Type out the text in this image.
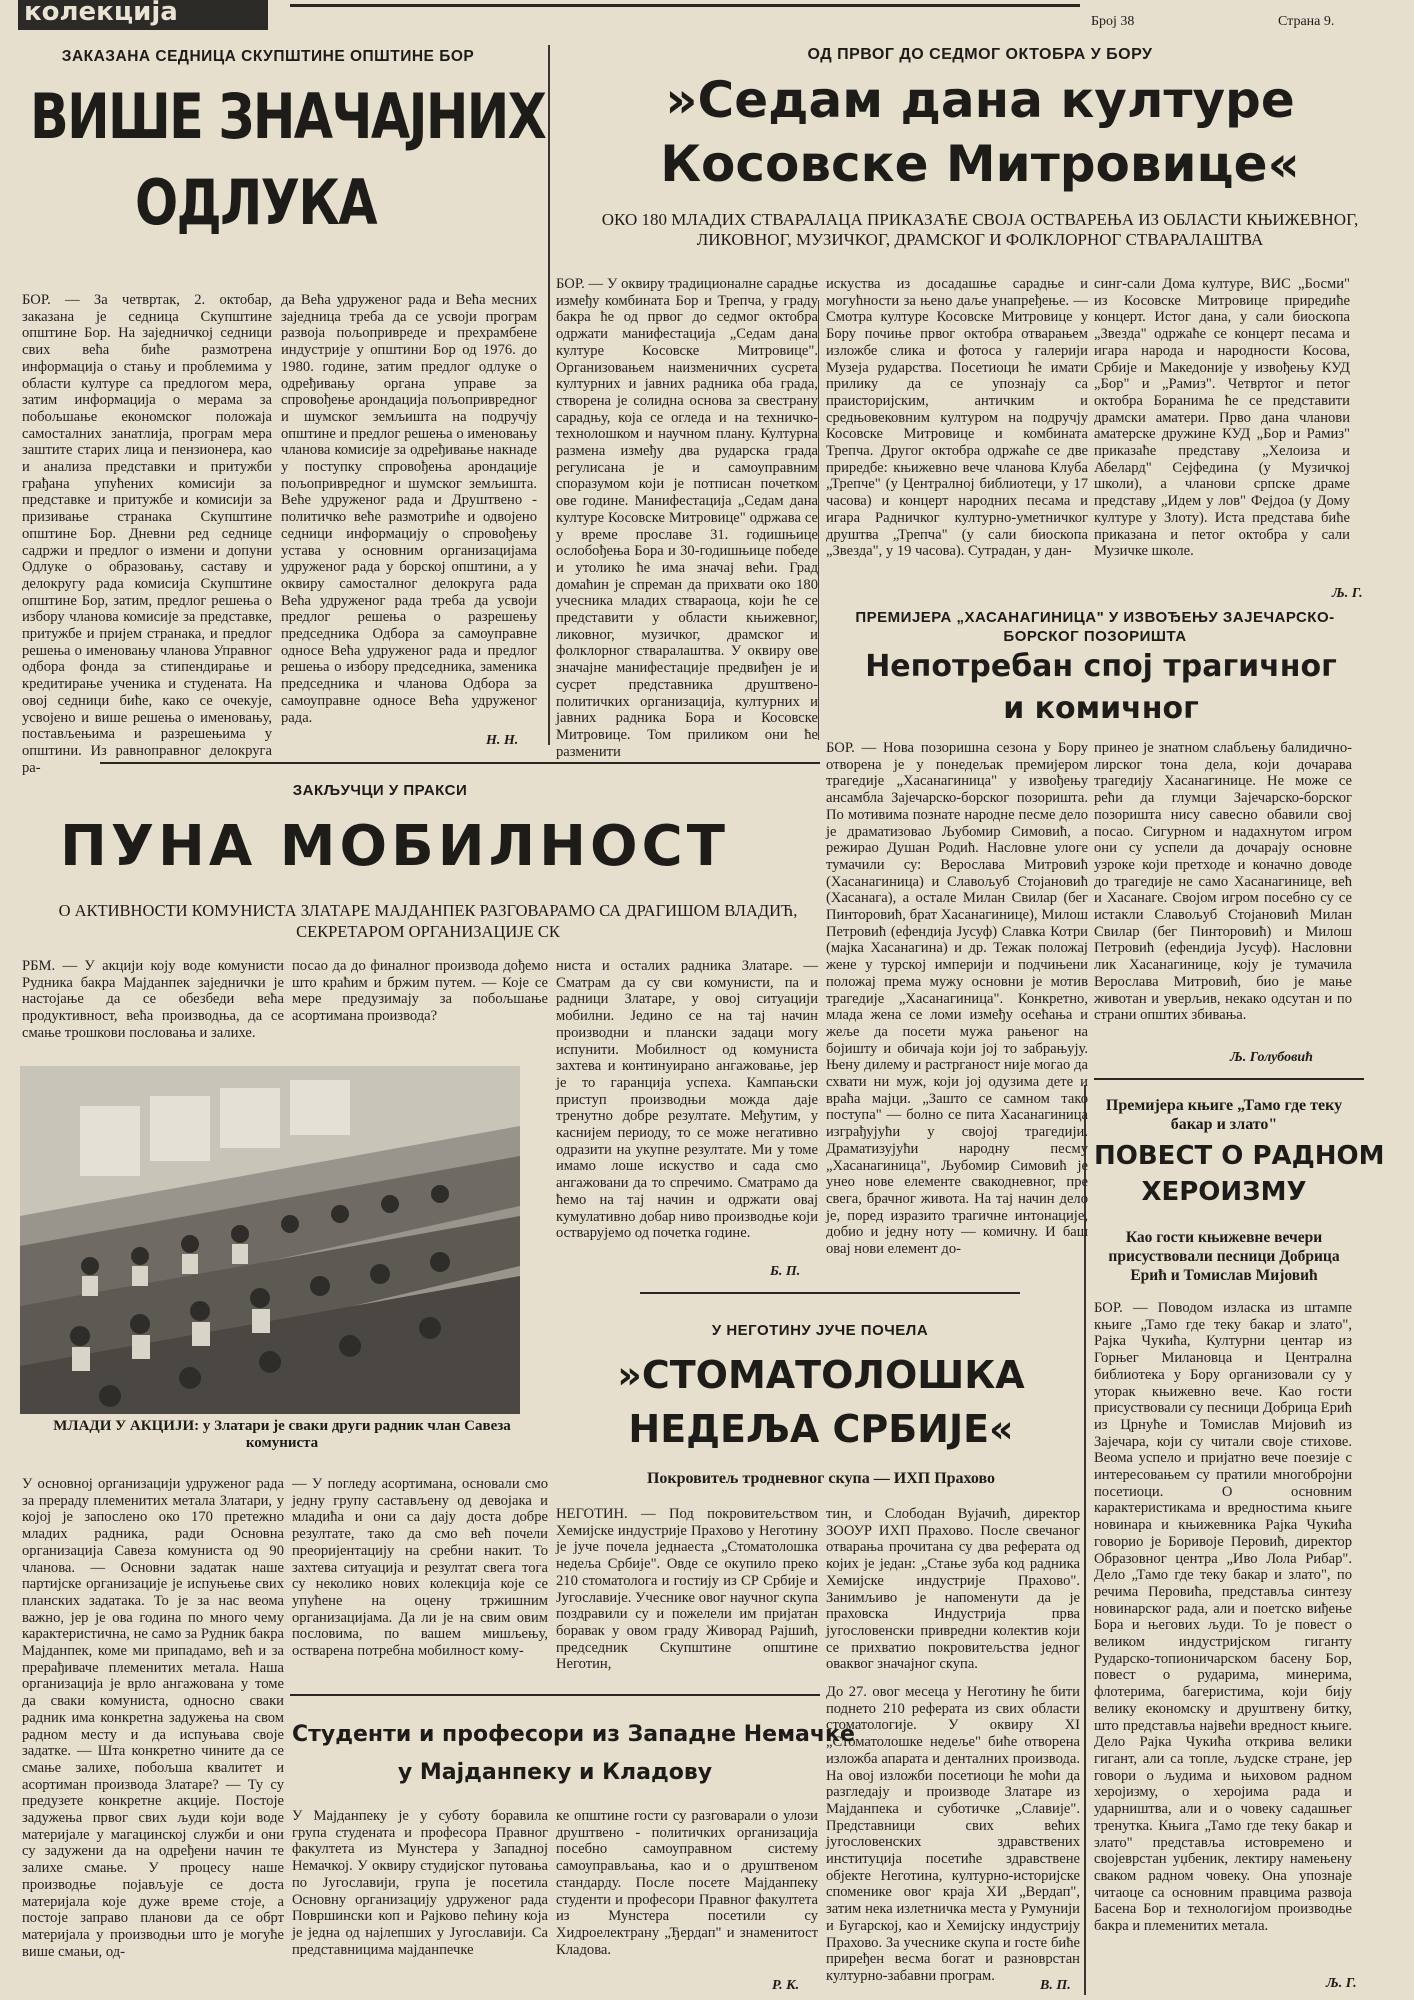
колекција	Број 38	Страна 9.
ЗАКАЗАНА СЕДНИЦА СКУПШТИНЕ ОПШТИНЕ БОР
ВИШЕ ЗНАЧАЈНИХ
ОДЛУКА
БОР. — За четвртак, 2. октобар, заказана је седница Скупштине општине Бор. На заједничкој седници свих већа биће размотрена информација о стању и проблемима у области културе са предлогом мера, затим информација о мерама за побољшање економског положаја самосталних занатлија, програм мера заштите старих лица и пензионера, као и анализа представки и притужби грађана упућених комисији за представке и притужбе и комисији за призивање странака Скупштине општине Бор. Дневни ред седнице садржи и предлог о измени и допуни Одлуке о образовању, саставу и делокругу рада комисија Скупштине општине Бор, затим, предлог решења о избору чланова комисије за представке, притужбе и пријем странака, и предлог решења о именовању чланова Управног одбора фонда за стипендирање и кредитирање ученика и студената. На овој седници биће, како се очекује, усвојено и више решења о именовању, постављењима и разрешењима у општини. Из равноправног делокруга ра-
да Већа удруженог рада и Већа месних заједница треба да се усвоји програм развоја пољопривреде и прехрамбене индустрије у општини Бор од 1976. до 1980. године, затим предлог одлуке о одређивању органа управе за спровођење арондација пољопривредног и шумског земљишта на подручју општине и предлог решења о именовању чланова комисије за одређивање накнаде у поступку спровођења арондације пољопривредног и шумског земљишта. Веће удруженог рада и Друштвено - политичко веће размотриће и одвојено седници информацију о спровођењу устава у основним организацијама удруженог рада у борској општини, а у оквиру самосталног делокруга рада Већа удруженог рада треба да усвоји предлог решења о разрешењу председника Одбора за самоуправне односе Већа удруженог рада и предлог решења о избору председника, заменика председника и чланова Одбора за самоуправне односе Већа удруженог рада.
Н. Н.
ОД ПРВОГ ДО СЕДМОГ ОКТОБРА У БОРУ
»Седам дана културе
Косовске Митровице«
ОКО 180 МЛАДИХ СТВАРАЛАЦА ПРИКАЗАЋЕ СВОЈА ОСТВАРЕЊА ИЗ ОБЛАСТИ КЊИЖЕВНОГ, ЛИКОВНОГ, МУЗИЧКОГ, ДРАМСКОГ И ФОЛКЛОРНОГ СТВАРАЛАШТВА
БОР. — У оквиру традиционалне сарадње између комбината Бор и Трепча, у граду бакра ће од првог до седмог октобра одржати манифестација „Седам дана културе Косовске Митровице". Организовањем наизменичних сусрета културних и јавних радника оба града, створена је солидна основа за свестрану сарадњу, која се огледа и на техничко-технолошком и научном плану. Културна размена између два рударска града регулисана је и самоуправним споразумом који је потписан почетком ове године. Манифестација „Седам дана културе Косовске Митровице" одржава се у време прославе 31. годишњице ослобођења Бора и 30-годишњице победе и утолико ће има значај већи. Град домаћин је спреман да прихвати око 180 учесника младих ствараоца, који ће се представити у области књижевног, ликовног, музичког, драмског и фолклорног стваралаштва. У оквиру ове значајне манифестације предвиђен је и сусрет представника друштвено-политичких организација, културних и јавних радника Бора и Косовске Митровице. Том приликом они ће разменити
искуства из досадашње сарадње и могућности за њено даље унапређење. — Смотра културе Косовске Митровице у Бору почиње првог октобра отварањем изложбе слика и фотоса у галерији Музеја рударства. Посетиоци ће имати прилику да се упознају са праисторијским, античким и средњовековним културом на подручју Косовске Митровице и комбината Трепча. Другог октобра одржаће се две приредбе: књижевно вече чланова Клуба „Трепче" (у Централној библиотеци, у 17 часова) и концерт народних песама и игара Радничког културно-уметничког друштва „Трепча" (у сали биоскопа „Звезда", у 19 часова). Сутрадан, у дан-
синг-сали Дома културе, ВИС „Босми" из Косовске Митровице приредиће концерт. Истог дана, у сали биоскопа „Звезда" одржаће се концерт песама и игара народа и народности Косова, Србије и Македоније у извођењу КУД „Бор" и „Рамиз". Четвртог и петог октобра Боранима ће се представити драмски аматери. Прво дана чланови аматерске дружине КУД „Бор и Рамиз" приказаће представу „Хелоиза и Абелард" Сејфедина (у Музичкој школи), а чланови српске драме представу „Идем у лов" Фејдоа (у Дому културе у Злоту). Иста представа биће приказана и петог октобра у сали Музичке школе.
Љ. Г.
ПРЕМИЈЕРА „ХАСАНАГИНИЦА" У ИЗВОЂЕЊУ ЗАЈЕЧАРСКО-БОРСКОГ ПОЗОРИШТА
Непотребан спој трагичног
и комичног
БОР. — Нова позоришна сезона у Бору отворена је у понедељак премијером трагедије „Хасанагиница" у извођењу ансамбла Зајечарско-борског позоришта. По мотивима познате народне песме дело је драматизовао Љубомир Симовић, а режирао Душан Родић. Насловне улоге тумачили су: Верослава Митровић (Хасанагиница) и Славољуб Стојановић (Хасанага), а остале Милан Свилар (бег Пинторовић, брат Хасанагинице), Милош Петровић (ефендија Јусуф) Славка Котри (мајка Хасанагина) и др. Тежак положај жене у турској империји и подчињени положај према мужу основни је мотив трагедије „Хасанагиница". Конкретно, млада жена се ломи између осећања и жеље да посети мужа рањеног на бојишту и обичаја који јој то забрањују. Њену дилему и растрганост није могао да схвати ни муж, који јој одузима дете и враћа мајци. „Зашто се самном тако поступа" — болно се пита Хасанагиница изграђујући у својој трагедији. Драматизујући народну песму „Хасанагиница", Љубомир Симовић је унео нове елементе свакодневног, пре свега, брачног живота. На тај начин дело је, поред изразито трагичне интонације, добио и једну ноту — комичну. И баш овај нови елемент до-
принео је знатном слабљењу балидично-лирског тона дела, који дочарава трагедију Хасанагинице. Не може се рећи да глумци Зајечарско-борског позоришта нису савесно обавили свој посао. Сигурном и надахнутом игром они су успели да дочарају основне узроке који претходе и коначно доводе до трагедије не само Хасанагинице, већ и Хасанаге. Својом игром посебно су се истакли Славољуб Стојановић Милан Свилар (бег Пинторовић) и Милош Петровић (ефендија Јусуф). Насловни лик Хасанагинице, коју је тумачила Верослава Митровић, био је мање животан и уверљив, некако одсутан и по страни општих збивања.
Љ. Голубовић
ЗАКЉУЧЦИ У ПРАКСИ
ПУНА МОБИЛНОСТ
О АКТИВНОСТИ КОМУНИСТА ЗЛАТАРЕ МАЈДАНПЕК РАЗГОВАРАМО СА ДРАГИШОМ ВЛАДИЋ, СЕКРЕТАРОМ ОРГАНИЗАЦИЈЕ СК
РБМ. — У акцији коју воде комунисти Рудника бакра Мајданпек заједнички је настојање да се обезбеди већа продуктивност, већа производња, да се смање трошкови пословања и залихе.
посао да до финалног производа дођемо што краћим и бржим путем. — Које се мере предузимају за побољшање асортимана производа?
ниста и осталих радника Златаре. — Сматрам да су сви комунисти, па и радници Златаре, у овој ситуацији мобилни. Једино се на тај начин производни и плански задаци могу испунити. Мобилност од комуниста захтева и континуирано ангажовање, јер је то гаранција успеха. Кампањски приступ производњи можда даје тренутно добре резултате. Међутим, у каснијем периоду, то се може негативно одразити на укупне резултате. Ми у томе имамо лоше искуство и сада смо ангажовани да то спречимо. Сматрамо да ћемо на тај начин и одржати овај кумулативно добар ниво производње који остварујемо од почетка године.
Б. П.
МЛАДИ У АКЦИЈИ: у Златари је сваки други радник члан Савеза комуниста
У основној организацији удруженог рада за прераду племенитих метала Златари, у којој је запослено око 170 претежно младих радника, ради Основна организација Савеза комуниста од 90 чланова. — Основни задатак наше партијске организације је испуњење свих планских задатака. То је за нас веома важно, јер је ова година по много чему карактеристична, не само за Рудник бакра Мајданпек, коме ми припадамо, већ и за прерађиваче племенитих метала. Наша организација је врло ангажована у томе да сваки комуниста, односно сваки радник има конкретна задужења на свом радном месту и да испуњава своје задатке. — Шта конкретно чините да се смање залихе, побољша квалитет и асортиман производа Златаре? — Ту су предузете конкретне акције. Постоје задужења првог свих људи који воде материјале у магацинској служби и они су задужени да на одређени начин те залихе смање. У процесу наше производње појављује се доста материјала које дуже време стоје, а постоје заправо планови да се обрт материјала у производњи што је могуће више смањи, од-
— У погледу асортимана, основали смо једну групу састављену од девојака и младића и они са дају доста добре резултате, тако да смо већ почели преоријентацију на сребни накит. То захтева ситуација и резултат свега тога су неколико нових колекција које се упућене на оцену тржишним организацијама. Да ли је на свим овим пословима, по вашем мишљењу, остварена потребна мобилност кому-
У НЕГОТИНУ ЈУЧЕ ПОЧЕЛА
»СТОМАТОЛОШКА
НЕДЕЉА СРБИЈЕ«
Покровитељ тродневног скупа — ИХП Прахово
НЕГОТИН. — Под покровитељством Хемијске индустрије Прахово у Неготину је јуче почела једнаеста „Стоматолошка недеља Србије". Овде се окупило преко 210 стоматолога и гостију из СР Србије и Југославије. Учеснике овог научног скупа поздравили су и пожелели им пријатан боравак у овом граду Живорад Рајшић, председник Скупштине општине Неготин,
тин, и Слободан Вујачић, директор ЗООУР ИХП Прахово. После свечаног отварања прочитана су два реферата од којих је један: „Стање зуба код радника Хемијске индустрије Прахово". Занимљиво је напоменути да је праховска Индустрија прва југословенски привредни колектив који се прихватио покровитељства једног оваквог значајног скупа.
До 27. овог месеца у Неготину ће бити поднето 210 реферата из свих области стоматологије. У оквиру XI „Стоматолошке недеље" биће отворена изложба апарата и денталних производа. На овој изложби посетиоци ће моћи да разгледају и производе Златаре из Мајданпека и суботичке „Славије". Представници свих већих југословенских здравствених институција посетиће здравствене објекте Неготина, културно-историјске споменике овог краја ХИ „Вердап", затим нека излетничка места у Румунији и Бугарској, као и Хемијску индустрију Прахово. За учеснике скупа и госте биће приређен весма богат и разноврстан културно-забавни програм.
В. П.
Студенти и професори из Западне Немачке
у Мајданпеку и Кладову
У Мајданпеку је у суботу боравила група студената и професора Правног факултета из Мунстера у Западној Немачкој. У оквиру студијског путовања по Југославији, група је посетила Основну организацију удруженог рада Површински коп и Рајково пећину која је једна од најлепших у Југославији. Са представницима мајданпечке
ке општине гости су разговарали о улози друштвено - политичких организација посебно самоуправном систему самоуправљања, као и о друштвеном стандарду. После посете Мајданпеку студенти и професори Правног факултета из Мунстера посетили су Хидроелектрану „Ђердап" и знаменитост Кладова.
Р. К.
Премијера књиге „Тамо где теку бакар и злато"
ПОВЕСТ О РАДНОМ
ХЕРОИЗМУ
Као гости књижевне вечери присуствовали песници Добрица Ерић и Томислав Мијовић
БОР. — Поводом изласка из штампе књиге „Тамо где теку бакар и злато", Рајка Чукића, Културни центар из Горњег Милановца и Централна библиотека у Бору организовали су у уторак књижевно вече. Као гости присуствовали су песници Добрица Ерић из Црнуће и Томислав Мијовић из Зајечара, који су читали своје стихове. Веома успело и пријатно вече поезије с интересовањем су пратили многобројни посетиоци. О основним карактеристикама и вредностима књиге новинара и књижевника Рајка Чукића говорио је Боривоје Перовић, директор Образовног центра „Иво Лола Рибар". Дело „Тамо где теку бакар и злато", по речима Перовића, представља синтезу новинарског рада, али и поетско виђење Бора и његових људи. То је повест о великом индустријском гиганту Рударско-топионичарском басену Бор, повест о рударима, минерима, флотерима, багеристима, који бију велику економску и друштвену битку, што представља највећи вредност књиге. Дело Рајка Чукића открива велики гигант, али са топле, људске стране, јер говори о људима и њиховом радном херојизму, о херојима рада и ударништва, али и о човеку садашњег тренутка. Књига „Тамо где теку бакар и злато" представља истовремено и својеврстан уџбеник, лектиру намењену сваком радном човеку. Она упознаје читаоце са основним правцима развоја Басена Бор и технологијом производње бакра и племенитих метала.
Љ. Г.
